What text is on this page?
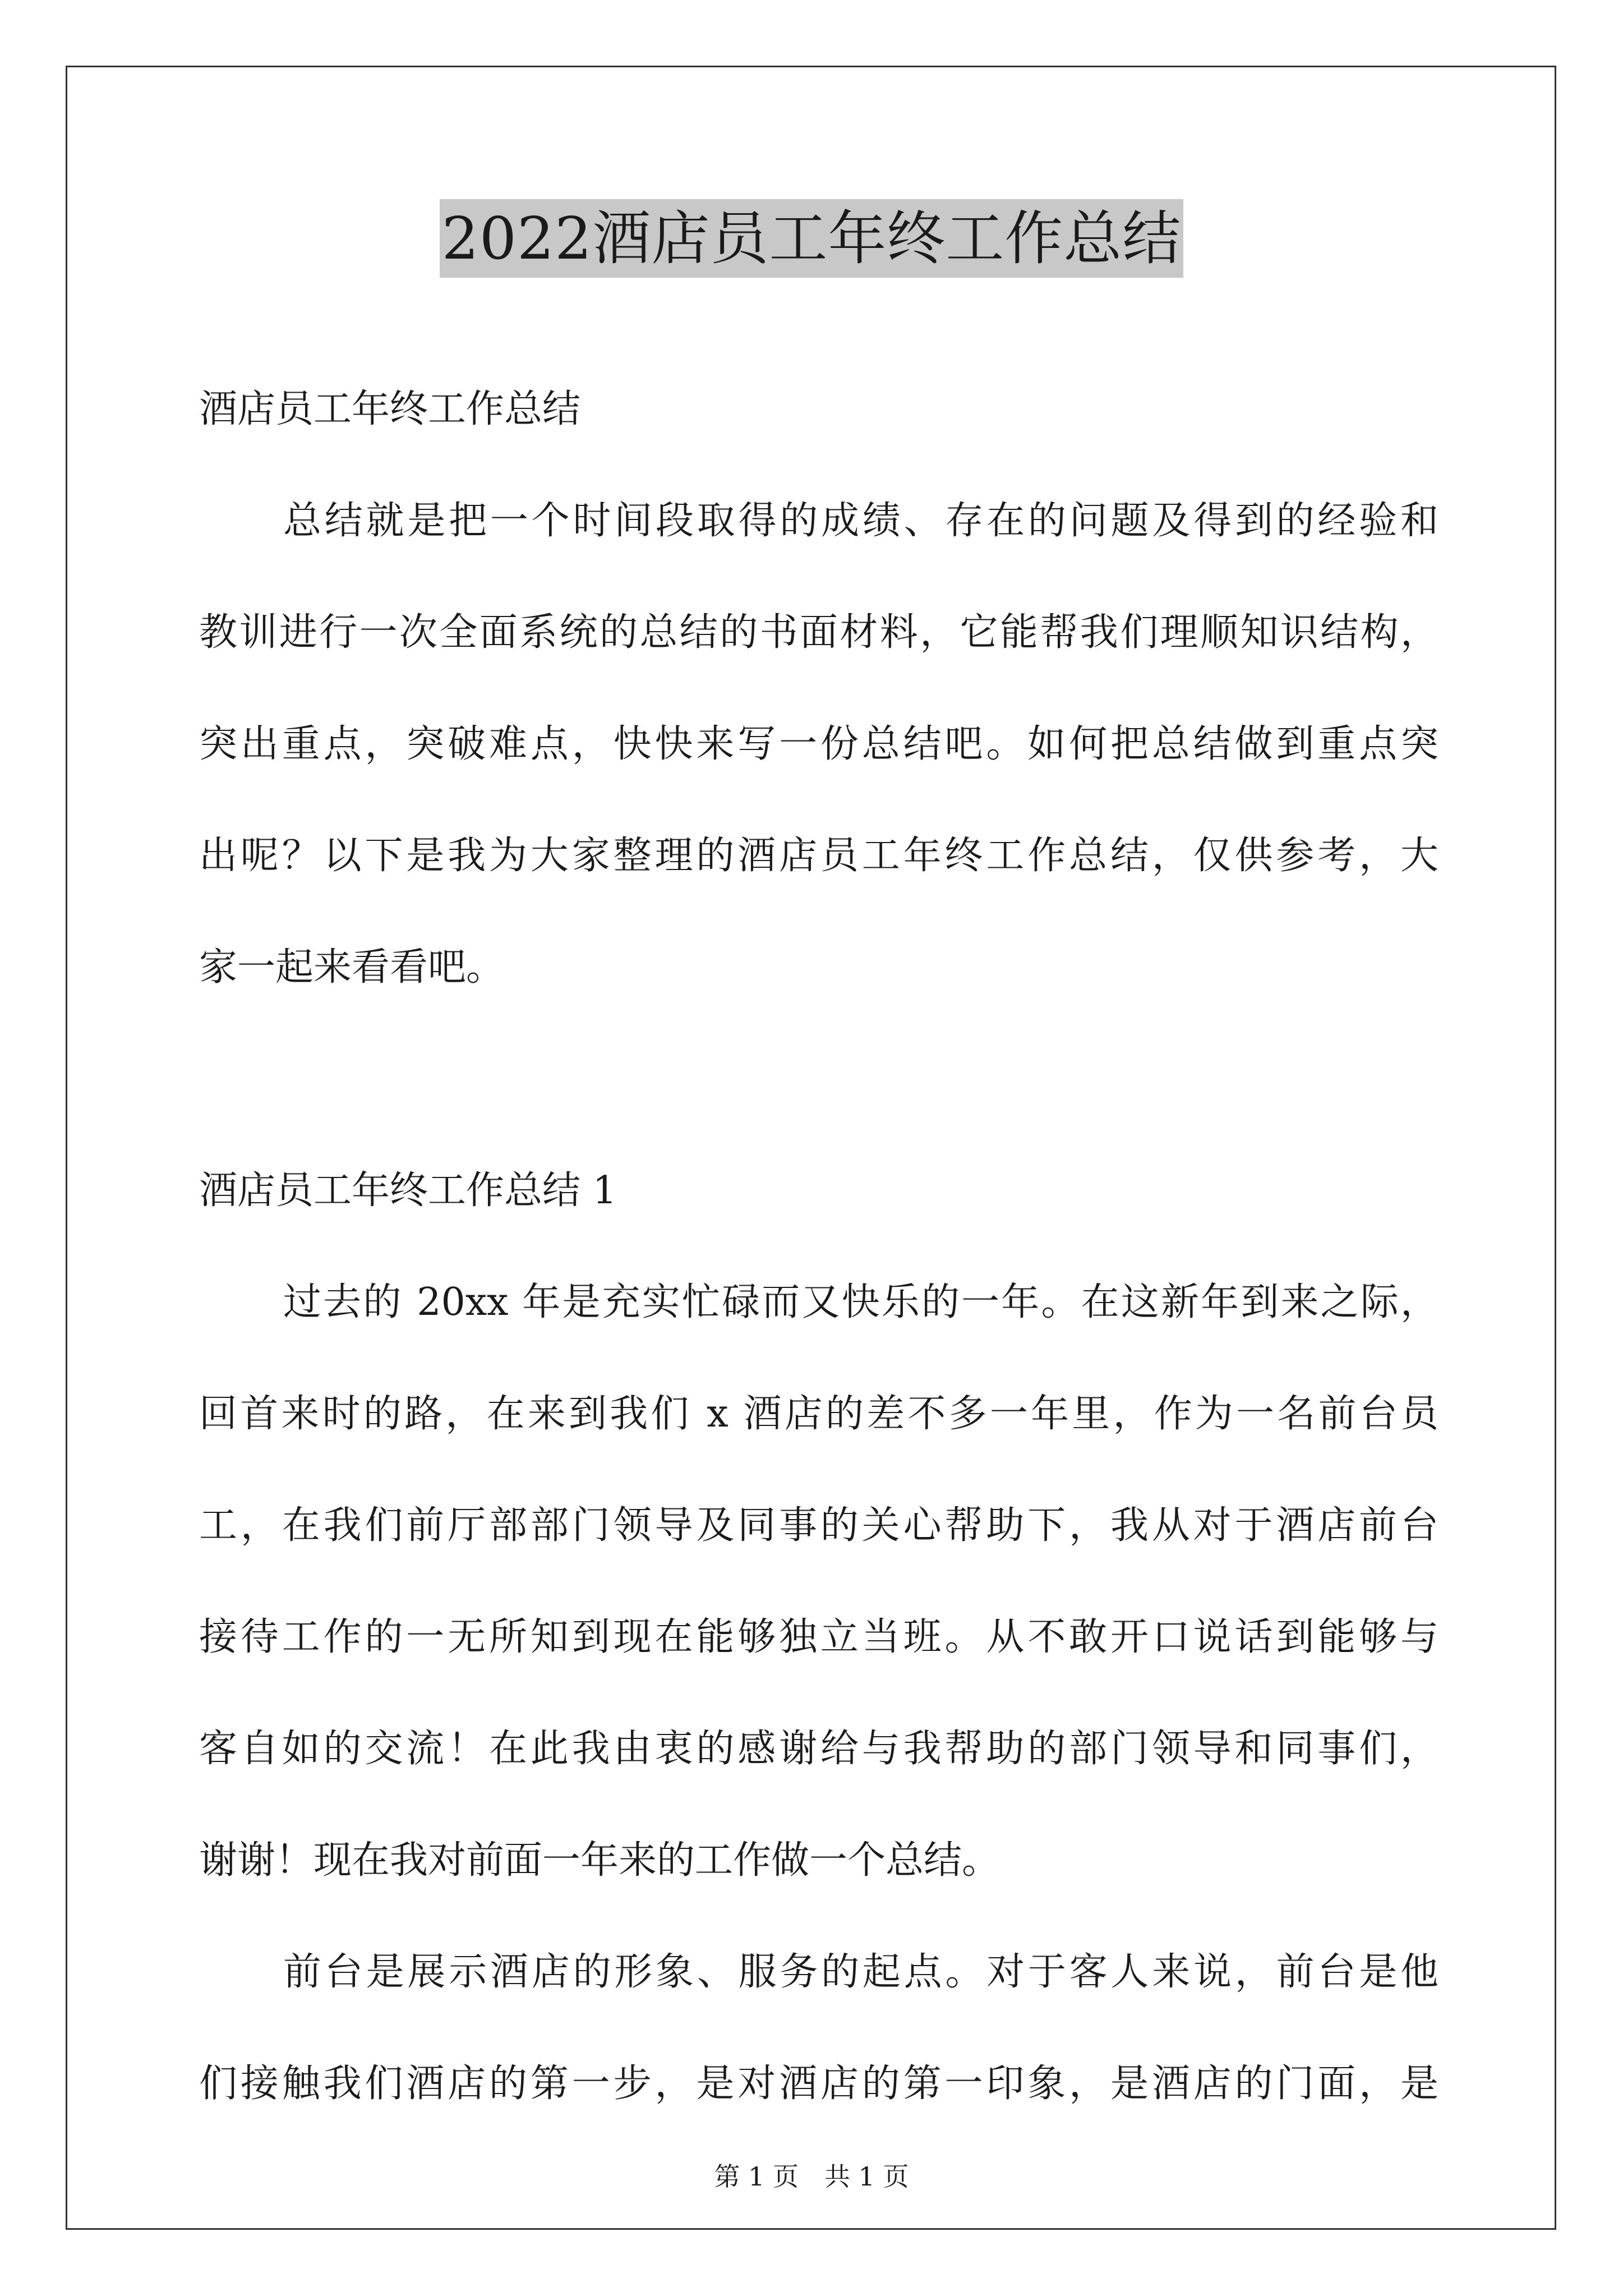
2022酒店员工年终工作总结
酒店员工年终工作总结
总结就是把一个时间段取得的成绩、存在的问题及得到的经验和
教训进行一次全面系统的总结的书面材料，它能帮我们理顺知识结构，
突出重点，突破难点，快快来写一份总结吧。如何把总结做到重点突
出呢？以下是我为大家整理的酒店员工年终工作总结，仅供参考，大
家一起来看看吧。
酒店员工年终工作总结 1
过去的 20xx 年是充实忙碌而又快乐的一年。在这新年到来之际，
回首来时的路，在来到我们 x 酒店的差不多一年里，作为一名前台员
工，在我们前厅部部门领导及同事的关心帮助下，我从对于酒店前台
接待工作的一无所知到现在能够独立当班。从不敢开口说话到能够与
客自如的交流！在此我由衷的感谢给与我帮助的部门领导和同事们，
谢谢！现在我对前面一年来的工作做一个总结。
前台是展示酒店的形象、服务的起点。对于客人来说，前台是他
们接触我们酒店的第一步，是对酒店的第一印象，是酒店的门面，是
第 1 页　共 1 页
